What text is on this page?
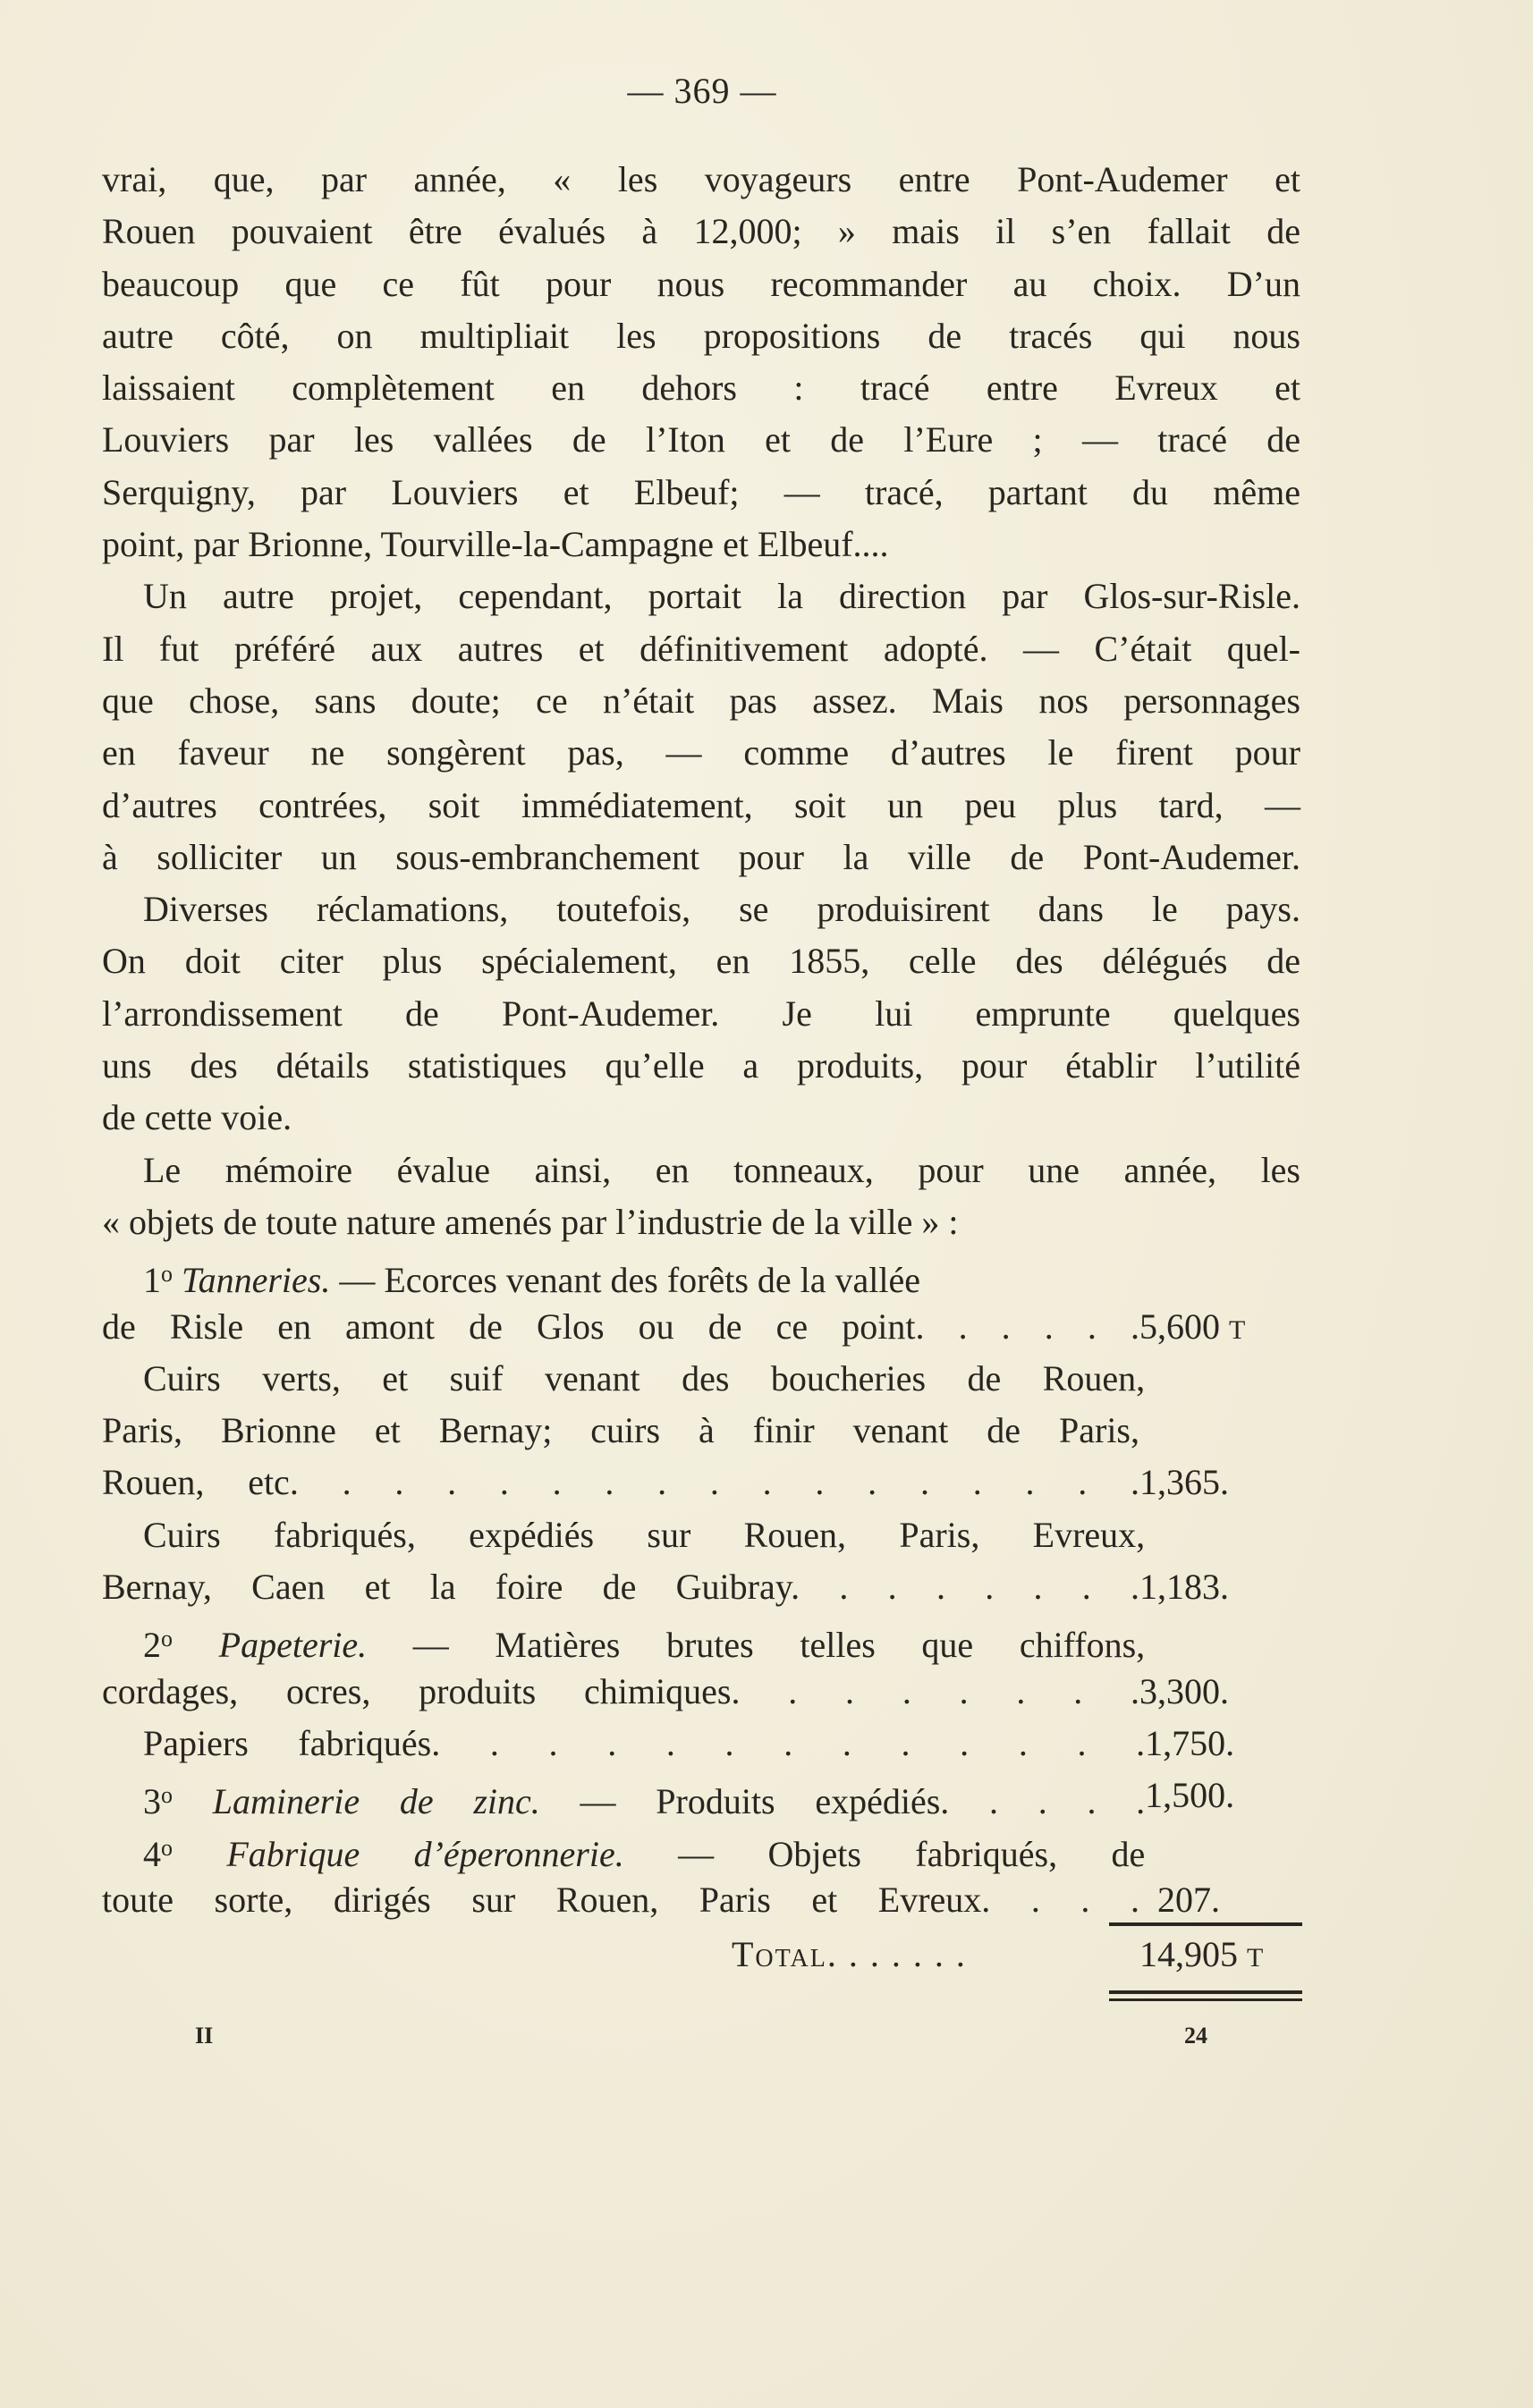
— 369 —
vrai, que, par année, « les voyageurs entre Pont-Audemer et
Rouen pouvaient être évalués à 12,000; » mais il s’en fallait de
beaucoup que ce fût pour nous recommander au choix. D’un
autre côté, on multipliait les propositions de tracés qui nous
laissaient complètement en dehors : tracé entre Evreux et
Louviers par les vallées de l’Iton et de l’Eure ; — tracé de
Serquigny, par Louviers et Elbeuf; — tracé, partant du même
point, par Brionne, Tourville-la-Campagne et Elbeuf....
Un autre projet, cependant, portait la direction par Glos-sur-Risle.
Il fut préféré aux autres et définitivement adopté. — C’était quel-
que chose, sans doute; ce n’était pas assez. Mais nos personnages
en faveur ne songèrent pas, — comme d’autres le firent pour
d’autres contrées, soit immédiatement, soit un peu plus tard, —
à solliciter un sous-embranchement pour la ville de Pont-Audemer.
Diverses réclamations, toutefois, se produisirent dans le pays.
On doit citer plus spécialement, en 1855, celle des délégués de
l’arrondissement de Pont-Audemer. Je lui emprunte quelques
uns des détails statistiques qu’elle a produits, pour établir l’utilité
de cette voie.
Le mémoire évalue ainsi, en tonneaux, pour une année, les
« objets de toute nature amenés par l’industrie de la ville » :
1$^o$ Tanneries. — Ecorces venant des forêts de la vallée
de Risle en amont de Glos ou de ce point. . . . . . 5,600 T
Cuirs verts, et suif venant des boucheries de Rouen,
Paris, Brionne et Bernay; cuirs à finir venant de Paris,
Rouen, etc. . . . . . . . . . . . . . . . . 1,365.
Cuirs fabriqués, expédiés sur Rouen, Paris, Evreux,
Bernay, Caen et la foire de Guibray. . . . . . . . 1,183.
2$^o$ Papeterie. — Matières brutes telles que chiffons,
cordages, ocres, produits chimiques. . . . . . . . 3,300.
Papiers fabriqués. . . . . . . . . . . . . 1,750.
3$^o$ Laminerie de zinc. — Produits expédiés. . . . . 1,500.
4$^o$ Fabrique d’éperonnerie. — Objets fabriqués, de
toute sorte, dirigés sur Rouen, Paris et Evreux. . . . 207.
Total. . . . . . .	14,905 T
II	24
